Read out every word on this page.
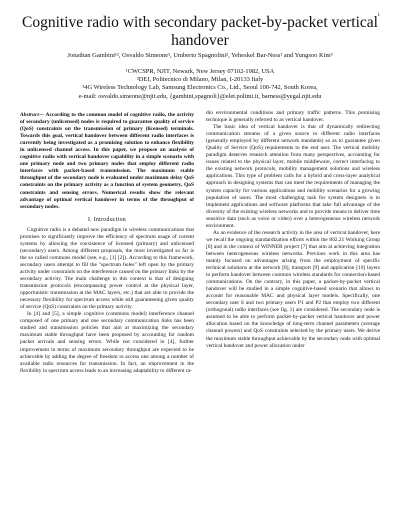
1
Cognitive radio with secondary packet-by-packet vertical handover
Jonathan Gambini¹², Osvaldo Simeone¹, Umberto Spagnolini², Yeheskel Bar-Ness¹ and Yungsoo Kim³
¹CWCSPR, NJIT, Newark, New Jersey 07102-1982, USA
²DEI, Politecnico di Milano, Milan, I-20133 Italy
³4G Wireless Technology Lab, Samsung Electronics Co., Ltd., Seoul 100-742, South Korea,
e-mail: osvaldo.simeone@njit.edu, {gambini,spagnoli}@elet.polimi.it, barness@yegal.njit.edu
Abstract— According to the common model of cognitive radio, the activity of secondary (unlicensed) nodes is required to guarantee quality of service (QoS) constraints on the transmission of primary (licensed) terminals. Towards this goal, vertical handover between different radio interfaces is currently being investigated as a promising solution to enhance flexibility in unlicensed channel access. In this paper, we propose an analysis of cognitive radio with vertical handover capability in a simple scenario with one primary node and two primary nodes that employ different radio interfaces with packet-based transmission. The maximum stable throughput of the secondary node is evaluated under maximum delay QoS constraints on the primary activity as a function of system geometry, QoS constraints and sensing errors. Numerical results show the relevant advantage of optimal vertical handover in terms of the throughput of secondary nodes.
I. Introduction

Cognitive radio is a debated new paradigm in wireless communications that promises to significantly improve the efficiency of spectrum usage of current systems by allowing the coexistence of licensed (primary) and unlicensed (secondary) users. Among different proposals, the most investigated so far is the so called commons model (see, e.g., [1] [2]). According to this framework, secondary users attempt to fill the "spectrum holes" left open by the primary activity under constraints on the interference caused on the primary links by the secondary activity. The main challenge in this context is that of designing transmission protocols (encompassing power control at the physical layer, opportunistic transmission at the MAC layers, etc.) that are able to provide the necessary flexibility for spectrum access while still guaranteeing given quality of service (QoS) constraints on the primary activity.

In [4] and [5], a simple cognitive (commons model) interference channel composed of one primary and one secondary communication links has been studied and transmission policies that aim at maximizing the secondary maximum stable throughput have been proposed by accounting for random packet arrivals and sensing errors. While not considered in [4], further improvement in terms of maximum secondary throughput are expected to be achievable by adding the degree of freedom to access one among a number of available radio resources for transmission. In fact, an improvement in the flexibility in spectrum access leads to an increasing adaptability to different ra-

dio environmental conditions and primary traffic patterns. This promising technique is generally referred to as vertical handover.

The basic idea of vertical handover is that of dynamically redirecting communication streams of a given source to different radio interfaces (generally employed by different network standards) so as to guarantee given Quality of Service (QoS) requirements to the end user. The vertical mobility paradigm deserves research attention from many perspectives, accounting for issues related to the physical layer, mobile middleware, correct interfacing to the existing network protocols, mobility management solutions and wireless applications. This type of problem calls for a hybrid and cross-layer analytical approach in designing systems that can meet the requirements of managing the system capacity for various applications and mobility scenarios for a growing population of users. The most challenging task for system designers is to implement applications and software platforms that take full advantage of the diversity of the existing wireless networks and to provide means to deliver time sensitive data (such as voice or video) over a heterogeneous wireless network environment.

As an evidence of the research activity in the area of vertical handover, here we recall the ongoing standardization efforts within the 802.21 Working Group [6] and in the context of WINNER project [7] that aim at achieving integration between heterogeneous wireless networks. Previous work in this area has mainly focused on advantages arising from the employment of specific technical solutions at the network [8], transport [9] and application [10] layers to perform handover between common wireless standards for connection-based communications. On the contrary, in this paper, a packet-by-packet vertical handover will be studied in a simple cognitive-based scenario that allows to account for reasonable MAC and physical layer models. Specifically, one secondary user S and two primary users P1 and P2 that employ two different (orthogonal) radio interfaces (see fig. 1) are considered. The secondary node is assumed to be able to perform packet-by-packet vertical handover and power allocation based on the knowledge of long-term channel parameters (average channel powers) and QoS constraints selected by the primary users. We derive the maximum stable throughput achievable by the secondary node with optimal vertical handover and power allocation under
